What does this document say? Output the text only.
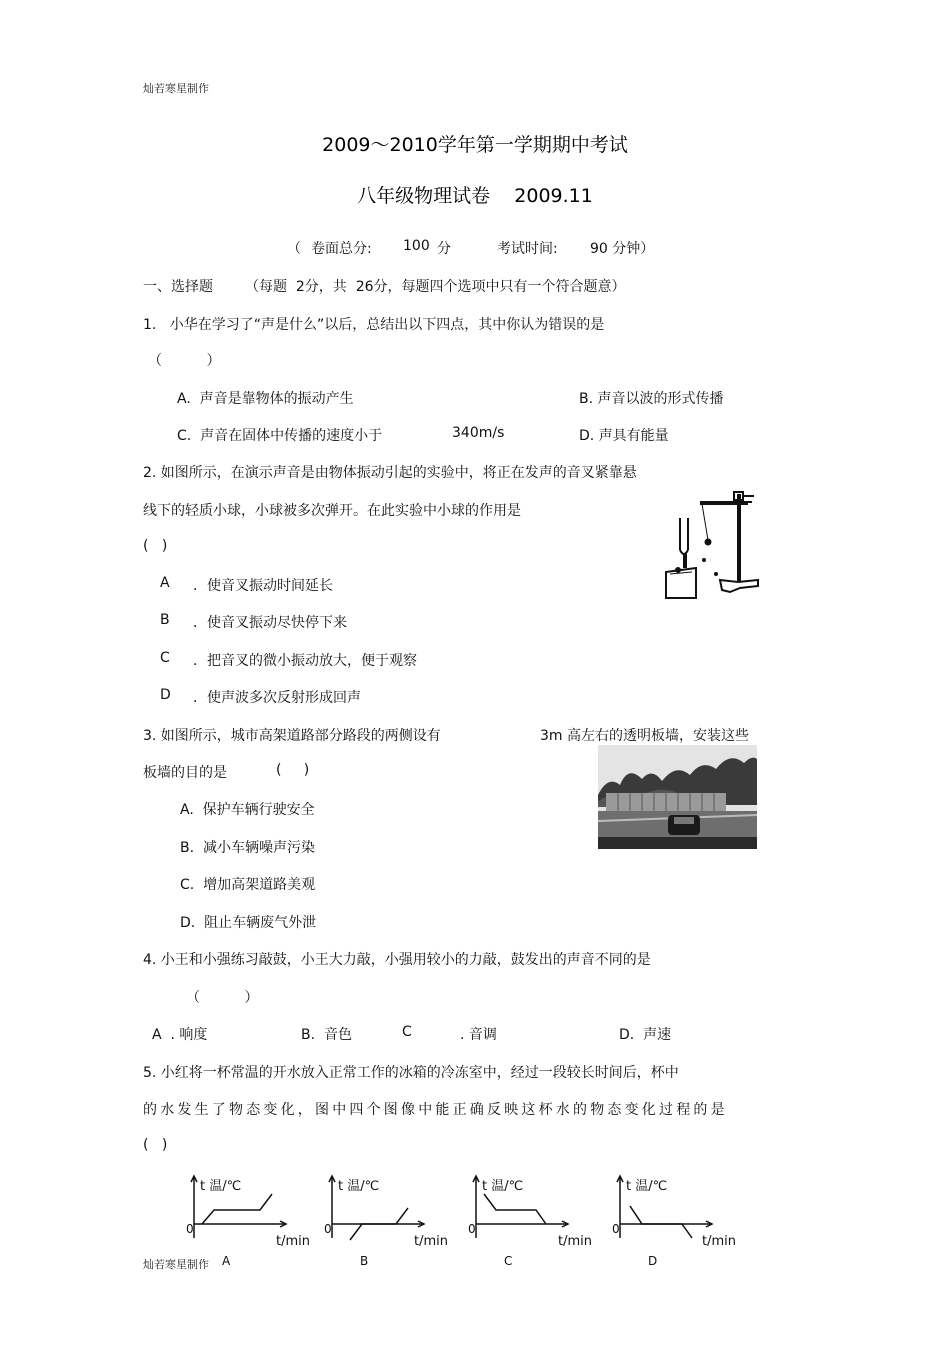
灿若寒星制作
2009～2010学年第一学期期中考试
八年级物理试卷    2009.11
（ 卷面总分: 100 分	考试时间: 90 分钟）
一、选择题 （每题  2分，共  26分，每题四个选项中只有一个符合题意）
1.   小华在学习了“声是什么”以后，总结出以下四点，其中你认为错误的是
（          ）
A.  声音是靠物体的振动产生	B. 声音以波的形式传播
C.  声音在固体中传播的速度小于	340m/s	D. 声具有能量
2. 如图所示，在演示声音是由物体振动引起的实验中，将正在发声的音叉紧靠悬
线下的轻质小球，小球被多次弹开。在此实验中小球的作用是
(   )
A ．使音叉振动时间延长
B ．使音叉振动尽快停下来
C ．把音叉的微小振动放大，便于观察
D ．使声波多次反射形成回声
3. 如图所示，城市高架道路部分路段的两侧设有	3m 高左右的透明板墙，安装这些
板墙的目的是	(     )
A.  保护车辆行驶安全
B.  减小车辆噪声污染
C.  增加高架道路美观
D.  阻止车辆废气外泄
4. 小王和小强练习敲鼓，小王大力敲，小强用较小的力敲，鼓发出的声音不同的是
（          ）
A  . 响度	B.  音色	C	. 音调	D.  声速
5. 小红将一杯常温的开水放入正常工作的冰箱的冷冻室中，经过一段较长时间后，杯中
的水发生了物态变化，图中四个图像中能正确反映这杯水的物态变化过程的是
(   )
t 温/℃
0
t/min
A
t 温/℃
0
t/min
B
t 温/℃
0
t/min
C
t 温/℃
0
t/min
D
灿若寒星制作
